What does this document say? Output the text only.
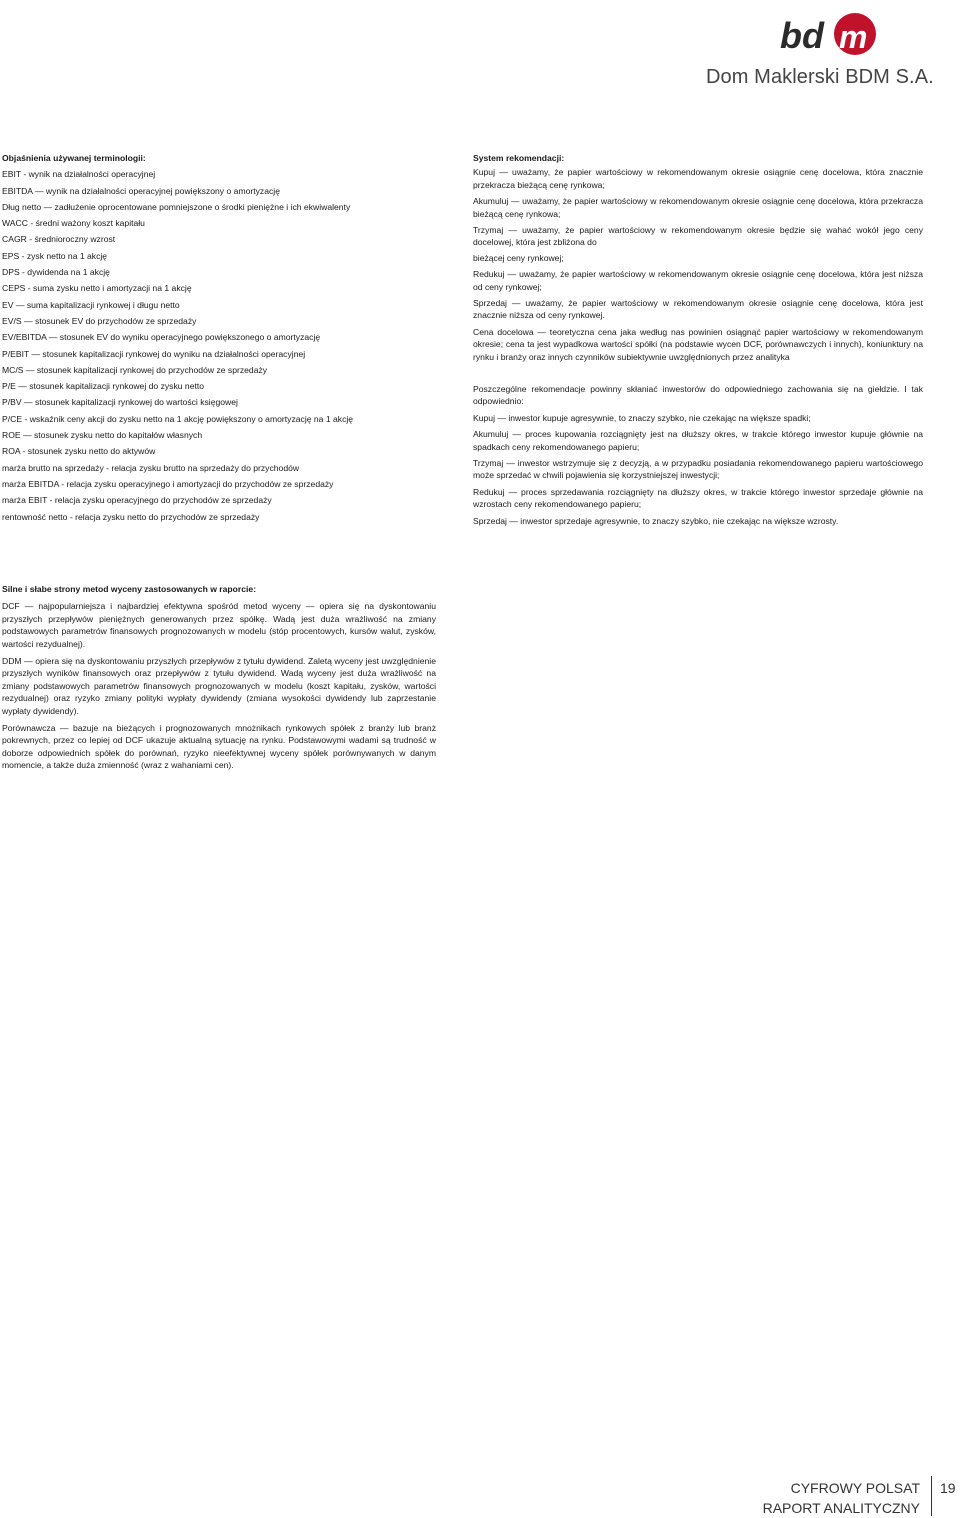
bd m
Dom Maklerski BDM S.A.
Objaśnienia używanej terminologii:
EBIT - wynik na działalności operacyjnej
EBITDA — wynik na działalności operacyjnej powiększony o amortyzację
Dług netto — zadłużenie oprocentowane pomniejszone o środki pieniężne i ich ekwiwalenty
WACC - średni ważony koszt kapitału
CAGR - średnioroczny wzrost
EPS - zysk netto na 1 akcję
DPS - dywidenda na 1 akcję
CEPS - suma zysku netto i amortyzacji na 1 akcję
EV — suma kapitalizacji rynkowej i długu netto
EV/S — stosunek EV do przychodów ze sprzedaży
EV/EBITDA — stosunek EV do wyniku operacyjnego powiększonego o amortyzację
P/EBIT — stosunek kapitalizacji rynkowej do wyniku na działalności operacyjnej
MC/S — stosunek kapitalizacji rynkowej do przychodów ze sprzedaży
P/E — stosunek kapitalizacji rynkowej do zysku netto
P/BV — stosunek kapitalizacji rynkowej do wartości księgowej
P/CE - wskaźnik ceny akcji do zysku netto na 1 akcję powiększony o amortyzację na 1 akcję
ROE — stosunek zysku netto do kapitałów własnych
ROA - stosunek zysku netto do aktywów
marża brutto na sprzedaży - relacja zysku brutto na sprzedaży do przychodów
marża EBITDA - relacja zysku operacyjnego i amortyzacji do przychodów ze sprzedaży
marża EBIT - relacja zysku operacyjnego do przychodów ze sprzedaży
rentowność netto - relacja zysku netto do przychodów ze sprzedaży
System rekomendacji:
Kupuj — uważamy, że papier wartościowy w rekomendowanym okresie osiągnie cenę docelowa, która znacznie przekracza bieżącą cenę rynkowa;
Akumuluj — uważamy, że papier wartościowy w rekomendowanym okresie osiągnie cenę docelowa, która przekracza bieżącą cenę rynkowa;
Trzymaj — uważamy, że papier wartościowy w rekomendowanym okresie będzie się wahać wokół jego ceny docelowej, która jest zbliżona do
bieżącej ceny rynkowej;
Redukuj — uważamy, że papier wartościowy w rekomendowanym okresie osiągnie cenę docelowa, która jest niższa od ceny rynkowej;
Sprzedaj — uważamy, że papier wartościowy w rekomendowanym okresie osiągnie cenę docelowa, która jest znacznie niższa od ceny rynkowej.
Cena docelowa — teoretyczna cena jaka według nas powinien osiągnąć papier wartościowy w rekomendowanym okresie; cena ta jest wypadkowa wartości spółki (na podstawie wycen DCF, porównawczych i innych), koniunktury na rynku i branży oraz innych czynników subiektywnie uwzględnionych przez analityka
Poszczególne rekomendacje powinny skłaniać inwestorów do odpowiedniego zachowania się na giełdzie. I tak odpowiednio:
Kupuj — inwestor kupuje agresywnie, to znaczy szybko, nie czekając na większe spadki;
Akumuluj — proces kupowania rozciągnięty jest na dłuższy okres, w trakcie którego inwestor kupuje głównie na spadkach ceny rekomendowanego papieru;
Trzymaj — inwestor wstrzymuje się z decyzją, a w przypadku posiadania rekomendowanego papieru wartościowego może sprzedać w chwili pojawienia się korzystniejszej inwestycji;
Redukuj — proces sprzedawania rozciągnięty na dłuższy okres, w trakcie którego inwestor sprzedaje głównie na wzrostach ceny rekomendowanego papieru;
Sprzedaj — inwestor sprzedaje agresywnie, to znaczy szybko, nie czekając na większe wzrosty.
Silne i słabe strony metod wyceny zastosowanych w raporcie:
DCF — najpopularniejsza i najbardziej efektywna spośród metod wyceny — opiera się na dyskontowaniu przyszłych przepływów pieniężnych generowanych przez spółkę. Wadą jest duża wrażliwość na zmiany podstawowych parametrów finansowych prognozowanych w modelu (stóp procentowych, kursów walut, zysków, wartości rezydualnej).
DDM — opiera się na dyskontowaniu przyszłych przepływów z tytułu dywidend. Zaletą wyceny jest uwzględnienie przyszłych wyników finansowych oraz przepływów z tytułu dywidend. Wadą wyceny jest duża wrażliwość na zmiany podstawowych parametrów finansowych prognozowanych w modelu (koszt kapitału, zysków, wartości rezydualnej) oraz ryzyko zmiany polityki wypłaty dywidendy (zmiana wysokości dywidendy lub zaprzestanie wypłaty dywidendy).
Porównawcza — bazuje na bieżących i prognozowanych mnożnikach rynkowych spółek z branży lub branż pokrewnych, przez co lepiej od DCF ukazuje aktualną sytuację na rynku. Podstawowymi wadami są trudność w doborze odpowiednich spółek do porównań, ryzyko nieefektywnej wyceny spółek porównywanych w danym momencie, a także duża zmienność (wraz z wahaniami cen).
CYFROWY POLSAT
RAPORT ANALITYCZNY
19
